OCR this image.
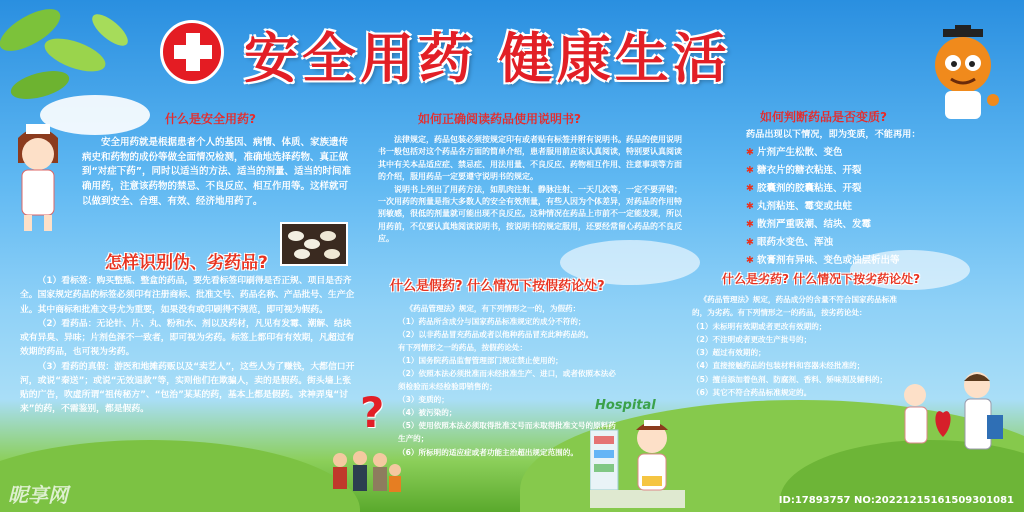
安全用药 健康生活
什么是安全用药?
安全用药就是根据患者个人的基因、病情、体质、家族遗传病史和药物的成份等做全面情况检测，准确地选择药物、真正做到“对症下药”，同时以适当的方法、适当的剂量、适当的时间准确用药，注意该药物的禁忌、不良反应、相互作用等。这样就可以做到安全、合理、有效、经济地用药了。
怎样识别伪、劣药品?

（1）看标签：购买整瓶、整盒的药品，要先看标签印刷得是否正规、项目是否齐全。国家规定药品的标签必须印有注册商标、批准文号、药品名称、产品批号、生产企业。其中商标和批准文号尤为重要，如果没有或印刷得不规范，即可视为假药。

（2）看药品：无论针、片、丸、粉和水、剂以及药材，凡见有发霉、潮解、结块或有异臭、异味；片剂色泽不一致者，即可视为劣药。标签上都印有有效期，凡超过有效期的药品，也可视为劣药。

（3）看药的真假：游医和地摊药贩以及“卖艺人”，这些人为了赚钱，大都信口开河，或说“秦送”；或说“无效退款”等，实则他们在欺骗人，卖的是假药。街头墙上张贴的广告，吹虚所谓“祖传秘方”、“包治”某某的药，基本上都是假药。求神弄鬼“讨来”的药，不需鉴别，都是假药。	?
如何正确阅读药品使用说明书?

法律规定，药品包装必须按规定印有或者贴有标签并附有说明书。药品的使用说明书一般包括对这个药品各方面的简单介绍，患者服用前应该认真阅读，特别要认真阅读其中有关本品适应症、禁忌症、用法用量、不良反应、药物相互作用、注意事项等方面的介绍，服用药品一定要遵守说明书的规定。

说明书上列出了用药方法，如肌肉注射、静脉注射、一天几次等，一定不要弄错；一次用药的剂量是指大多数人的安全有效剂量，有些人因为个体差异，对药品的作用特别敏感，很低的剂量就可能出现不良反应。这种情况在药品上市前不一定能发现，所以用药前，不仅要认真地阅读说明书，按说明书的规定服用，还要经常留心药品的不良反应。

什么是假药? 什么情况下按假药论处?
《药品管理法》规定，有下列情形之一的，为假药：
（1）药品所含成分与国家药品标准规定的成分不符的；
（2）以非药品冒充药品或者以他种药品冒充此种药品的。
有下列情形之一的药品，按假药论处：
（1）国务院药品监督管理部门规定禁止使用的；
（2）依照本法必须批准而未经批准生产、进口，或者依照本法必须检验而未经检验即销售的；
（3）变质的；
（4）被污染的；
（5）使用依照本法必须取得批准文号而未取得批准文号的原料药生产的；
（6）所标明的适应症或者功能主治超出规定范围的。
Hospital
如何判断药品是否变质?
药品出现以下情况，即为变质，不能再用：
✱ 片剂产生松散、变色
✱ 糖衣片的糖衣粘连、开裂
✱ 胶囊剂的胶囊粘连、开裂
✱ 丸剂粘连、霉变或虫蛀
✱ 散剂严重吸潮、结块、发霉
✱ 眼药水变色、浑浊
✱ 软膏剂有异味、变色或油层析出等
什么是劣药? 什么情况下按劣药论处?
《药品管理法》规定，药品成分的含量不符合国家药品标准的，为劣药。有下列情形之一的药品，按劣药论处：
（1）未标明有效期或者更改有效期的；
（2）不注明或者更改生产批号的；
（3）超过有效期的；
（4）直接接触药品的包装材料和容器未经批准的；
（5）擅自添加着色剂、防腐剂、香料、矫味剂及辅料的；
（6）其它不符合药品标准规定的。
昵享网	ID:17893757 NO:20221215161509301081
